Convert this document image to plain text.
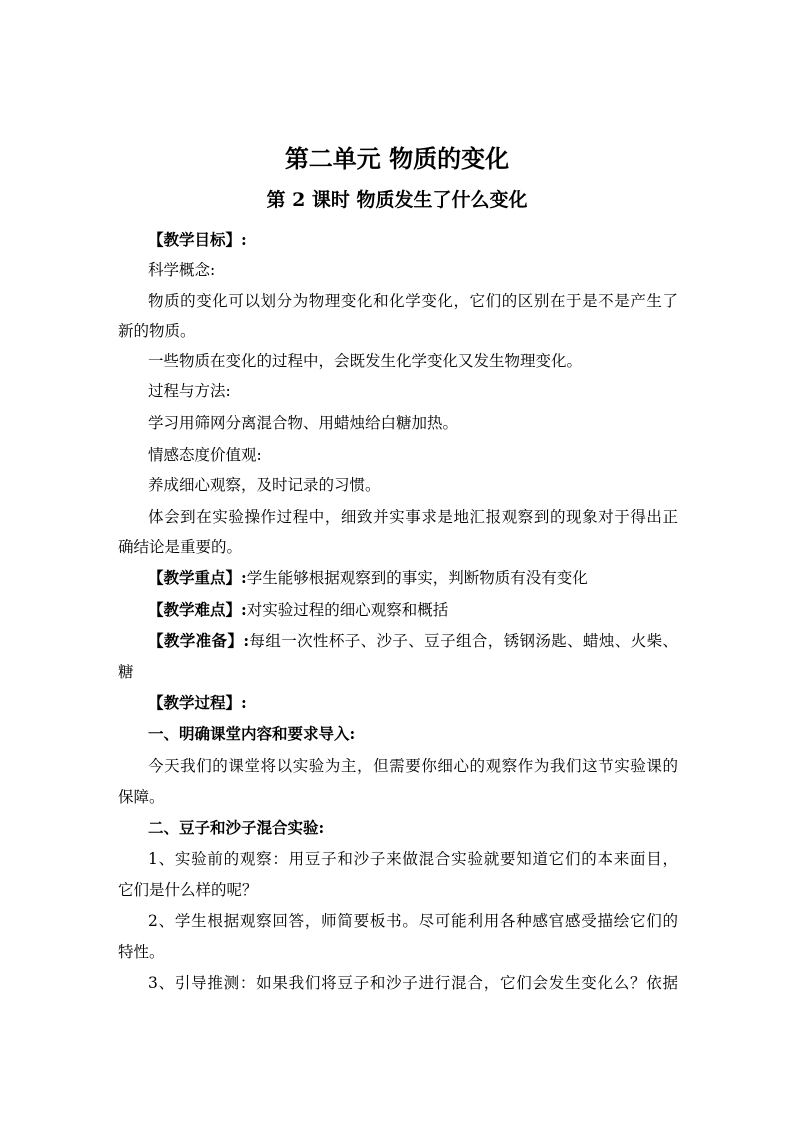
第二单元 物质的变化
第 2 课时 物质发生了什么变化

【教学目标】:

科学概念:

物质的变化可以划分为物理变化和化学变化，它们的区别在于是不是产生了

新的物质。

一些物质在变化的过程中，会既发生化学变化又发生物理变化。

过程与方法:

学习用筛网分离混合物、用蜡烛给白糖加热。

情感态度价值观:

养成细心观察，及时记录的习惯。

体会到在实验操作过程中，细致并实事求是地汇报观察到的现象对于得出正

确结论是重要的。

【教学重点】:学生能够根据观察到的事实，判断物质有没有变化

【教学难点】:对实验过程的细心观察和概括

【教学准备】:每组一次性杯子、沙子、豆子组合，锈钢汤匙、蜡烛、火柴、

糖

【教学过程】:

一、明确课堂内容和要求导入:

今天我们的课堂将以实验为主，但需要你细心的观察作为我们这节实验课的

保障。

二、豆子和沙子混合实验:

1、实验前的观察：用豆子和沙子来做混合实验就要知道它们的本来面目，

它们是什么样的呢？

2、学生根据观察回答，师简要板书。尽可能利用各种感官感受描绘它们的

特性。

3、引导推测：如果我们将豆子和沙子进行混合，它们会发生变化么？依据
